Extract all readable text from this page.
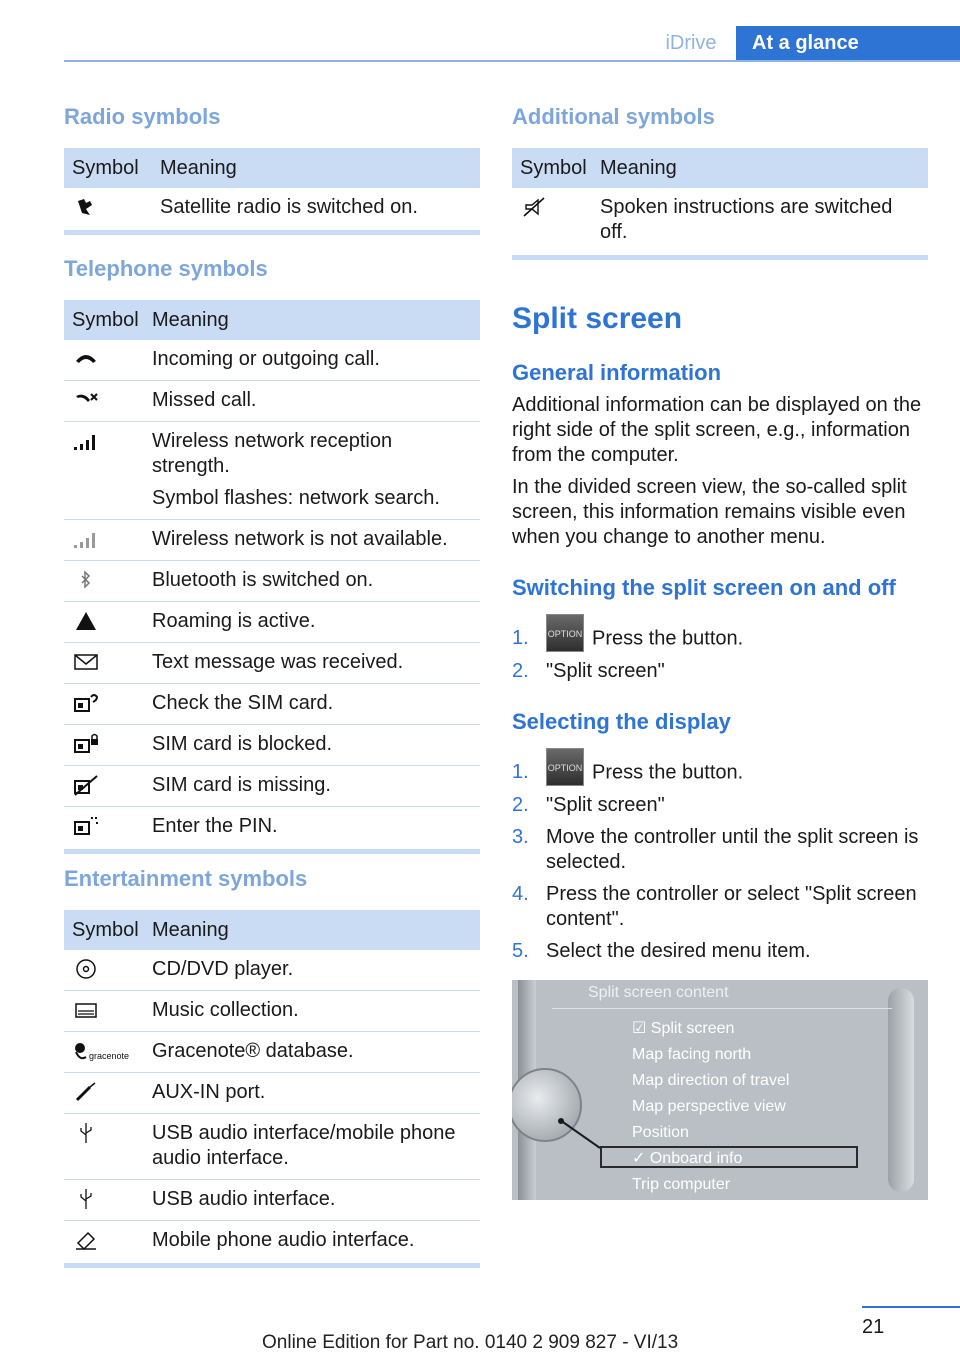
iDrive	At a glance
Radio symbols
Symbol	Meaning
Satellite radio is switched on.
Telephone symbols
Symbol Meaning
Incoming or outgoing call.
Missed call.

Wireless network reception strength.

Symbol flashes: network search.

Wireless network is not available.
Bluetooth is switched on.
Roaming is active.
Text message was received.
Check the SIM card.
SIM card is blocked.
SIM card is missing.
Enter the PIN.
Entertainment symbols
Symbol Meaning
CD/DVD player.
Music collection.
gracenote Gracenote® database.
AUX-IN port.
USB audio interface/mobile phone audio interface.
USB audio interface.
Mobile phone audio interface.
Additional symbols
Symbol Meaning
Spoken instructions are switched off.
Split screen
General information
Additional information can be displayed on the right side of the split screen, e.g., information from the computer.
In the divided screen view, the so-called split screen, this information remains visible even when you change to another menu.
Switching the split screen on and off
1.	OPTION Press the button.
2. "Split screen"
Selecting the display
1.	OPTION Press the button.
2. "Split screen"
3. Move the controller until the split screen is selected.
4. Press the controller or select "Split screen content".
5. Select the desired menu item.
Split screen content
☑ Split screen
Map facing north
Map direction of travel
Map perspective view
Position
✓ Onboard info
Trip computer
21
Online Edition for Part no. 0140 2 909 827 - VI/13
